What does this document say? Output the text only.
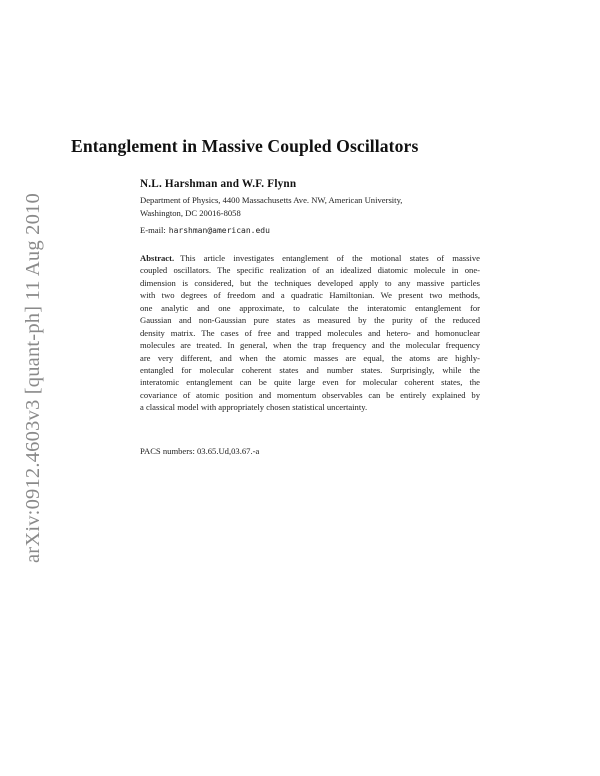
arXiv:0912.4603v3 [quant-ph] 11 Aug 2010
Entanglement in Massive Coupled Oscillators
N.L. Harshman and W.F. Flynn
Department of Physics, 4400 Massachusetts Ave. NW, American University,
Washington, DC 20016-8058
E-mail: harshman@american.edu
Abstract. This article investigates entanglement of the motional states of massive
coupled oscillators. The specific realization of an idealized diatomic molecule in one-
dimension is considered, but the techniques developed apply to any massive particles
with two degrees of freedom and a quadratic Hamiltonian. We present two methods,
one analytic and one approximate, to calculate the interatomic entanglement for
Gaussian and non-Gaussian pure states as measured by the purity of the reduced
density matrix. The cases of free and trapped molecules and hetero- and homonuclear
molecules are treated. In general, when the trap frequency and the molecular frequency
are very different, and when the atomic masses are equal, the atoms are highly-
entangled for molecular coherent states and number states. Surprisingly, while the
interatomic entanglement can be quite large even for molecular coherent states, the
covariance of atomic position and momentum observables can be entirely explained by
a classical model with appropriately chosen statistical uncertainty.
PACS numbers: 03.65.Ud,03.67.-a
